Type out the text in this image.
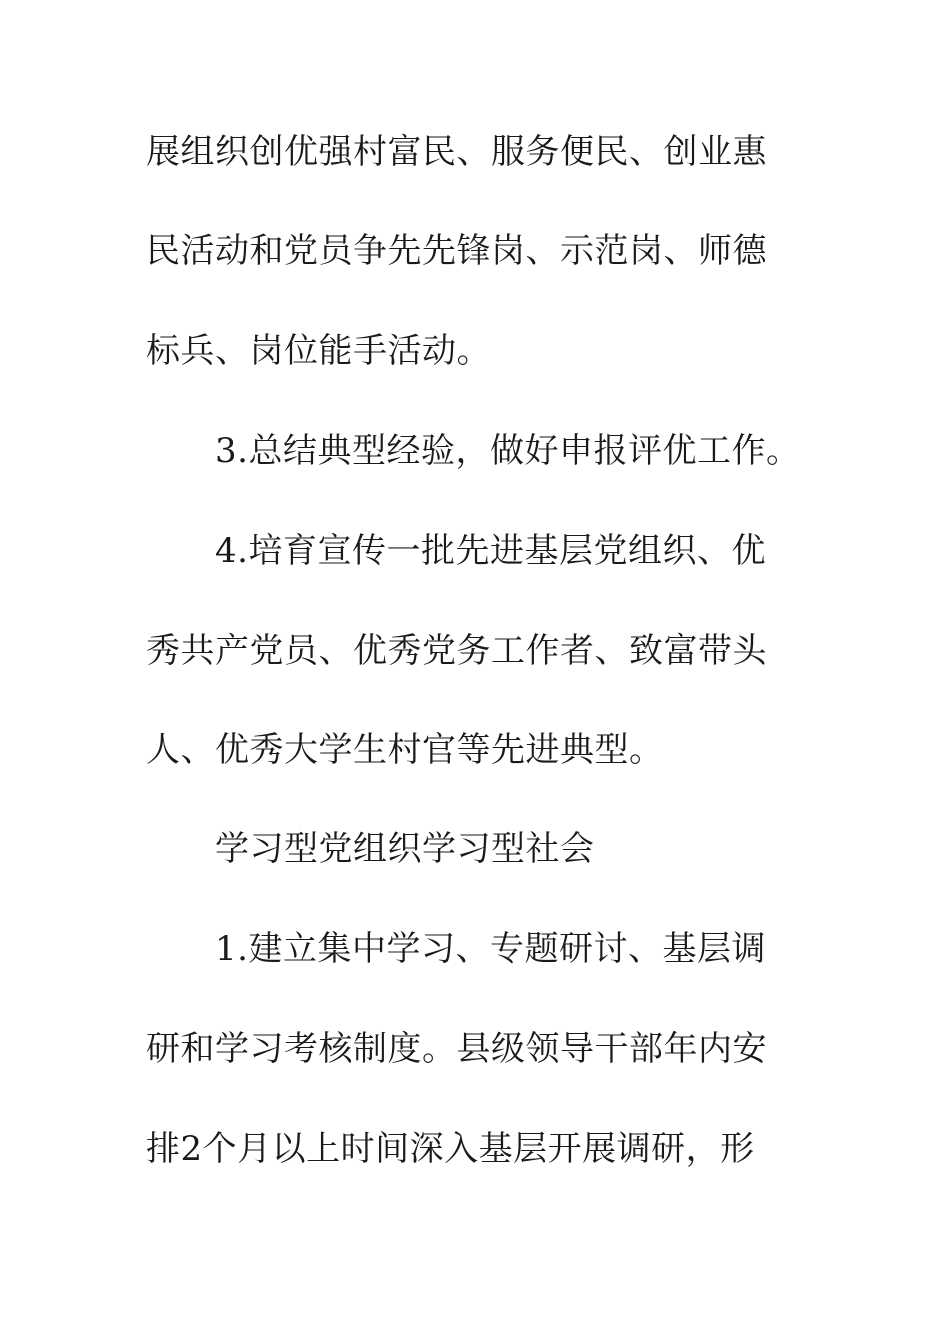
展组织创优强村富民、服务便民、创业惠
民活动和党员争先先锋岗、示范岗、师德
标兵、岗位能手活动。
3.总结典型经验，做好申报评优工作。
4.培育宣传一批先进基层党组织、优
秀共产党员、优秀党务工作者、致富带头
人、优秀大学生村官等先进典型。
学习型党组织学习型社会
1.建立集中学习、专题研讨、基层调
研和学习考核制度。县级领导干部年内安
排2个月以上时间深入基层开展调研，形
